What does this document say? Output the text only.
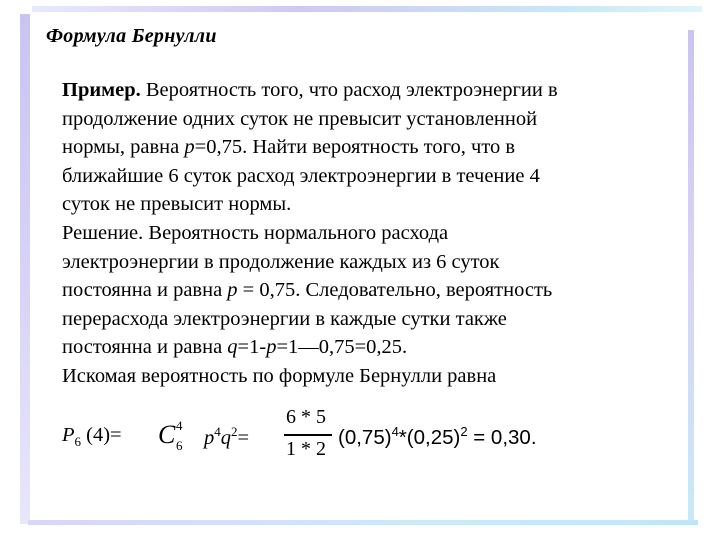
Формула Бернулли
Пример. Вероятность того, что расход электроэнергии в
продолжение одних суток не превысит установленной
нормы, равна p=0,75. Найти вероятность того, что в
ближайшие 6 суток расход электроэнергии в течение 4
суток не превысит нормы.
Решение. Вероятность нормального расхода
электроэнергии в продолжение каждых из 6 суток
постоянна и равна p = 0,75. Следовательно, вероятность
перерасхода электроэнергии в каждые сутки также
постоянна и равна q=1-p=1—0,75=0,25.
Искомая вероятность по формуле Бернулли равна
$P_6$ (4)= C 4
6 $p^4q^2=$
6 * 5
1 * 2 $(0,75)^4*(0,25)^2 = 0,30$.
